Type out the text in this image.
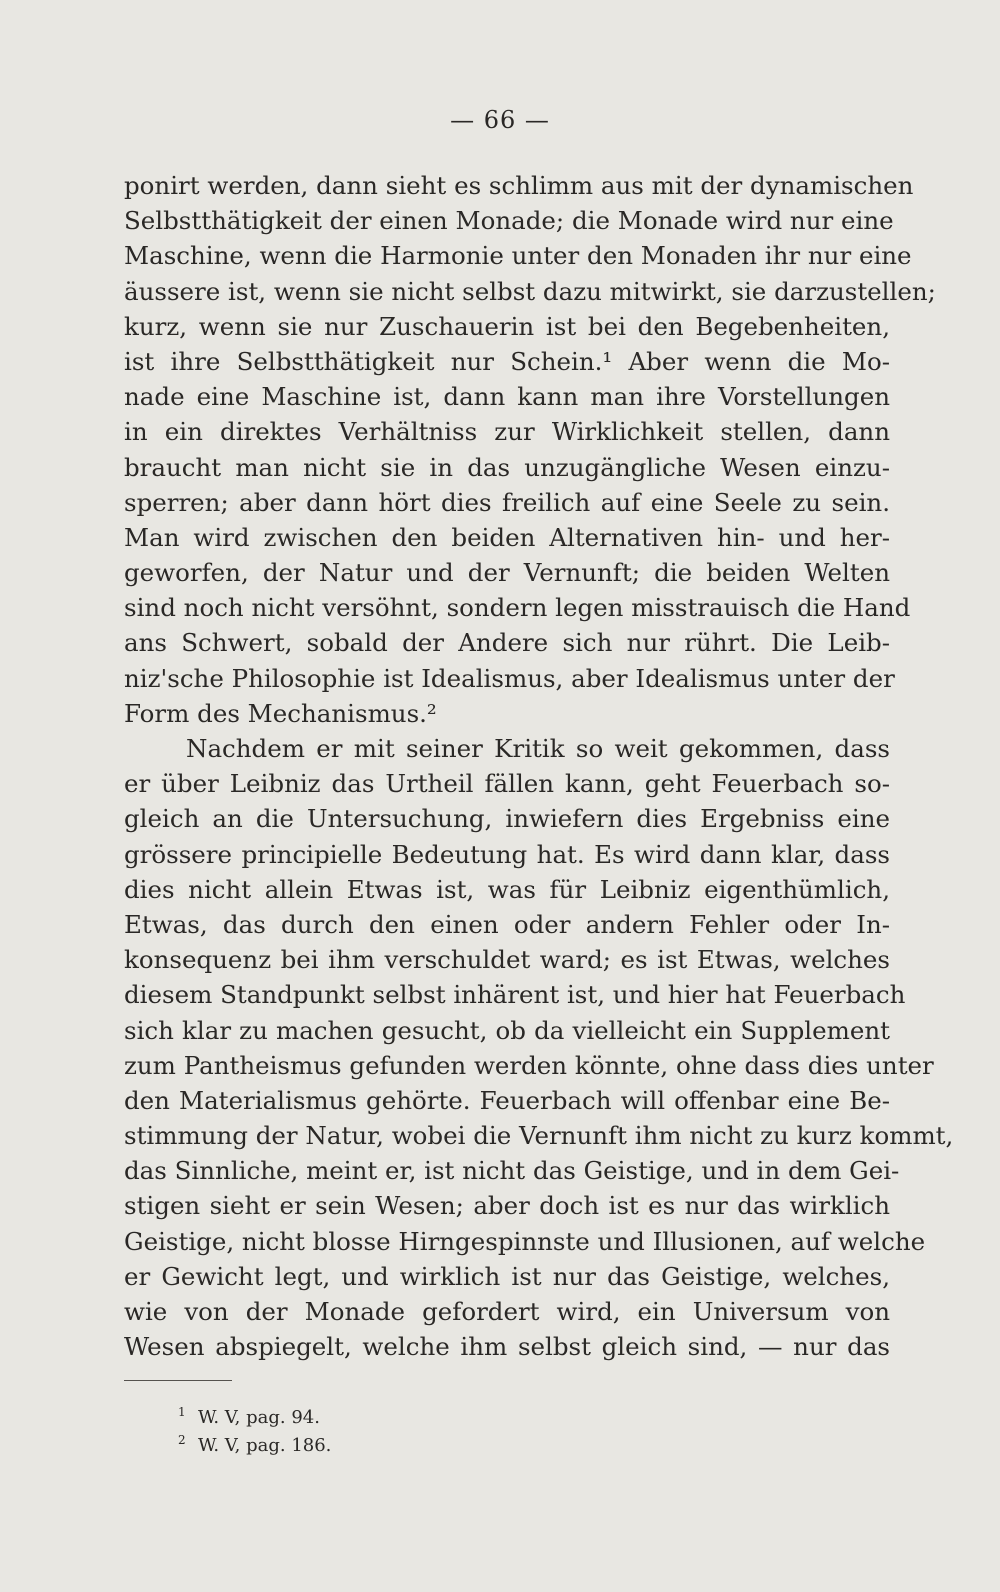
— 66 —
ponirt werden, dann sieht es schlimm aus mit der dynamischen
Selbstthätigkeit der einen Monade; die Monade wird nur eine
Maschine, wenn die Harmonie unter den Monaden ihr nur eine
äussere ist, wenn sie nicht selbst dazu mitwirkt, sie darzustellen;
kurz, wenn sie nur Zuschauerin ist bei den Begebenheiten,
ist ihre Selbstthätigkeit nur Schein.¹ Aber wenn die Mo-
nade eine Maschine ist, dann kann man ihre Vorstellungen
in ein direktes Verhältniss zur Wirklichkeit stellen, dann
braucht man nicht sie in das unzugängliche Wesen einzu-
sperren; aber dann hört dies freilich auf eine Seele zu sein.
Man wird zwischen den beiden Alternativen hin- und her-
geworfen, der Natur und der Vernunft; die beiden Welten
sind noch nicht versöhnt, sondern legen misstrauisch die Hand
ans Schwert, sobald der Andere sich nur rührt. Die Leib-
niz'sche Philosophie ist Idealismus, aber Idealismus unter der
Form des Mechanismus.²
Nachdem er mit seiner Kritik so weit gekommen, dass
er über Leibniz das Urtheil fällen kann, geht Feuerbach so-
gleich an die Untersuchung, inwiefern dies Ergebniss eine
grössere principielle Bedeutung hat. Es wird dann klar, dass
dies nicht allein Etwas ist, was für Leibniz eigenthümlich,
Etwas, das durch den einen oder andern Fehler oder In-
konsequenz bei ihm verschuldet ward; es ist Etwas, welches
diesem Standpunkt selbst inhärent ist, und hier hat Feuerbach
sich klar zu machen gesucht, ob da vielleicht ein Supplement
zum Pantheismus gefunden werden könnte, ohne dass dies unter
den Materialismus gehörte. Feuerbach will offenbar eine Be-
stimmung der Natur, wobei die Vernunft ihm nicht zu kurz kommt,
das Sinnliche, meint er, ist nicht das Geistige, und in dem Gei-
stigen sieht er sein Wesen; aber doch ist es nur das wirklich
Geistige, nicht blosse Hirngespinnste und Illusionen, auf welche
er Gewicht legt, und wirklich ist nur das Geistige, welches,
wie von der Monade gefordert wird, ein Universum von
Wesen abspiegelt, welche ihm selbst gleich sind, — nur das
1 W. V, pag. 94.
2 W. V, pag. 186.
